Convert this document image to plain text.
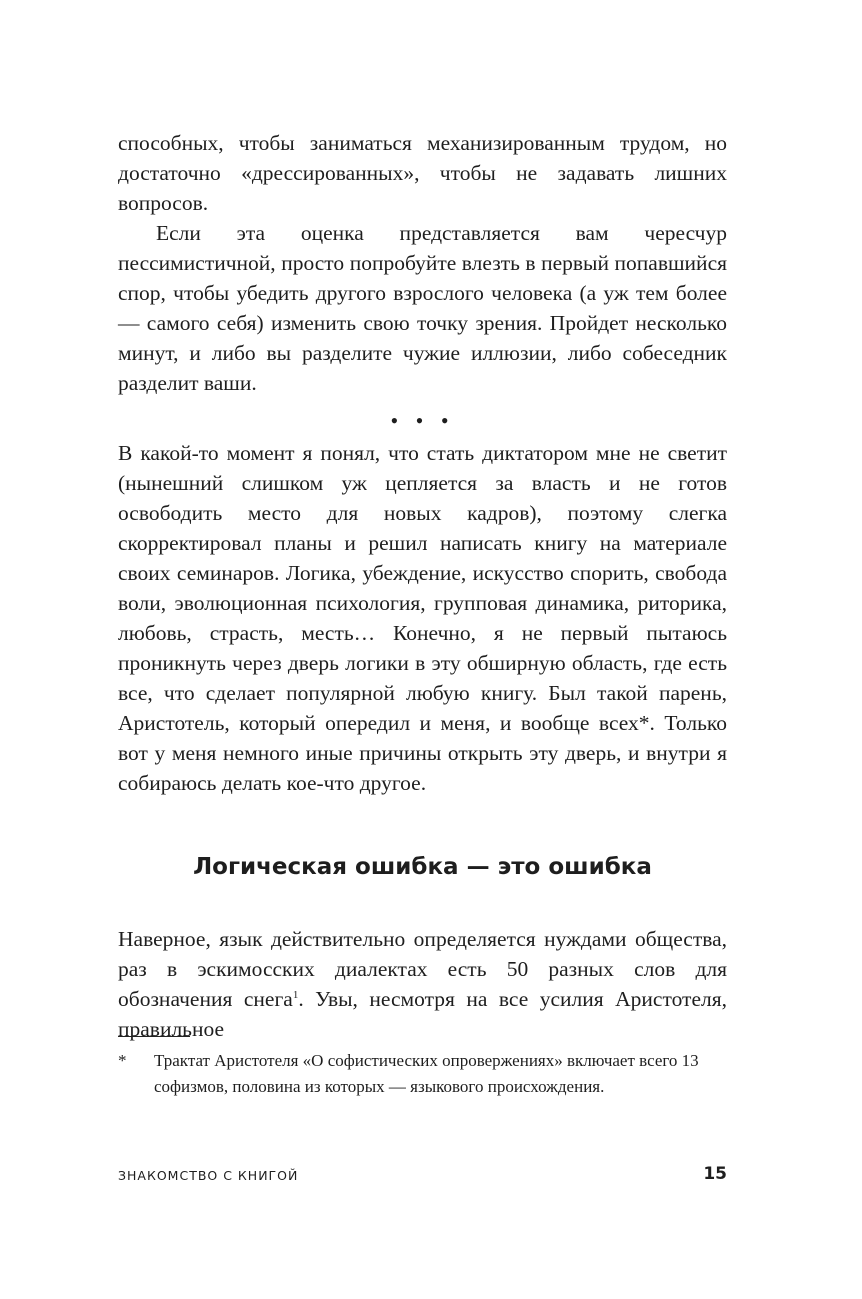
способных, чтобы заниматься механизированным трудом, но достаточно «дрессированных», чтобы не задавать лишних вопросов.

Если эта оценка представляется вам чересчур пессимистичной, просто попробуйте влезть в первый попавшийся спор, чтобы убедить другого взрослого человека (а уж тем более — самого себя) изменить свою точку зрения. Пройдет несколько минут, и либо вы разделите чужие иллюзии, либо собеседник разделит ваши.

• • •

В какой-то момент я понял, что стать диктатором мне не светит (нынешний слишком уж цепляется за власть и не готов освободить место для новых кадров), поэтому слегка скорректировал планы и решил написать книгу на материале своих семинаров. Логика, убеждение, искусство спорить, свобода воли, эволюционная психология, групповая динамика, риторика, любовь, страсть, месть… Конечно, я не первый пытаюсь проникнуть через дверь логики в эту обширную область, где есть все, что сделает популярной любую книгу. Был такой парень, Аристотель, который опередил и меня, и вообще всех*. Только вот у меня немного иные причины открыть эту дверь, и внутри я собираюсь делать кое-что другое.

Логическая ошибка — это ошибка

Наверное, язык действительно определяется нуждами общества, раз в эскимосских диалектах есть 50 разных слов для обозначения снега$^1$. Увы, несмотря на все усилия Аристотеля, правильное

* Трактат Аристотеля «О софистических опровержениях» включает всего 13 софизмов, половина из которых — языкового происхождения.
ЗНАКОМСТВО С КНИГОЙ	15
